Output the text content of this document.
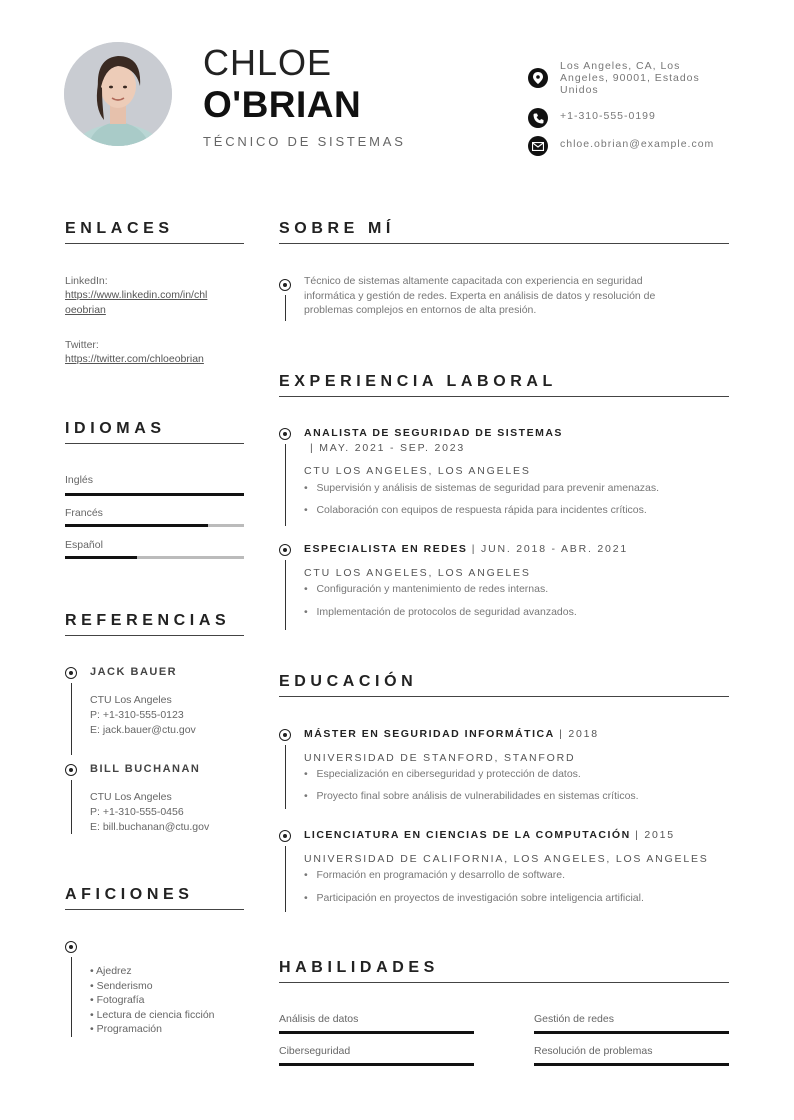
CHLOE
O'BRIAN
TÉCNICO DE SISTEMAS
Los Angeles, CA, Los
Angeles, 90001, Estados
Unidos
+1-310-555-0199
chloe.obrian@example.com
ENLACES
LinkedIn:
https://www.linkedin.com/in/chl
oeobrian
Twitter:
https://twitter.com/chloeobrian
IDIOMAS
Inglés
Francés
Español
REFERENCIAS
JACK BAUER
CTU Los Angeles
P: +1-310-555-0123
E: jack.bauer@ctu.gov
BILL BUCHANAN
CTU Los Angeles
P: +1-310-555-0456
E: bill.buchanan@ctu.gov
AFICIONES
• Ajedrez
• Senderismo
• Fotografía
• Lectura de ciencia ficción
• Programación
SOBRE MÍ
Técnico de sistemas altamente capacitada con experiencia en seguridad
informática y gestión de redes. Experta en análisis de datos y resolución de
problemas complejos en entornos de alta presión.
EXPERIENCIA LABORAL
ANALISTA DE SEGURIDAD DE SISTEMAS
| MAY. 2021 - SEP. 2023
CTU LOS ANGELES, LOS ANGELES
•   Supervisión y análisis de sistemas de seguridad para prevenir amenazas.
•   Colaboración con equipos de respuesta rápida para incidentes críticos.
ESPECIALISTA EN REDES | JUN. 2018 - ABR. 2021
CTU LOS ANGELES, LOS ANGELES
•   Configuración y mantenimiento de redes internas.
•   Implementación de protocolos de seguridad avanzados.
EDUCACIÓN
MÁSTER EN SEGURIDAD INFORMÁTICA | 2018
UNIVERSIDAD DE STANFORD, STANFORD
•   Especialización en ciberseguridad y protección de datos.
•   Proyecto final sobre análisis de vulnerabilidades en sistemas críticos.
LICENCIATURA EN CIENCIAS DE LA COMPUTACIÓN | 2015
UNIVERSIDAD DE CALIFORNIA, LOS ANGELES, LOS ANGELES
•   Formación en programación y desarrollo de software.
•   Participación en proyectos de investigación sobre inteligencia artificial.
HABILIDADES
Análisis de datos	Gestión de redes
Ciberseguridad	Resolución de problemas
